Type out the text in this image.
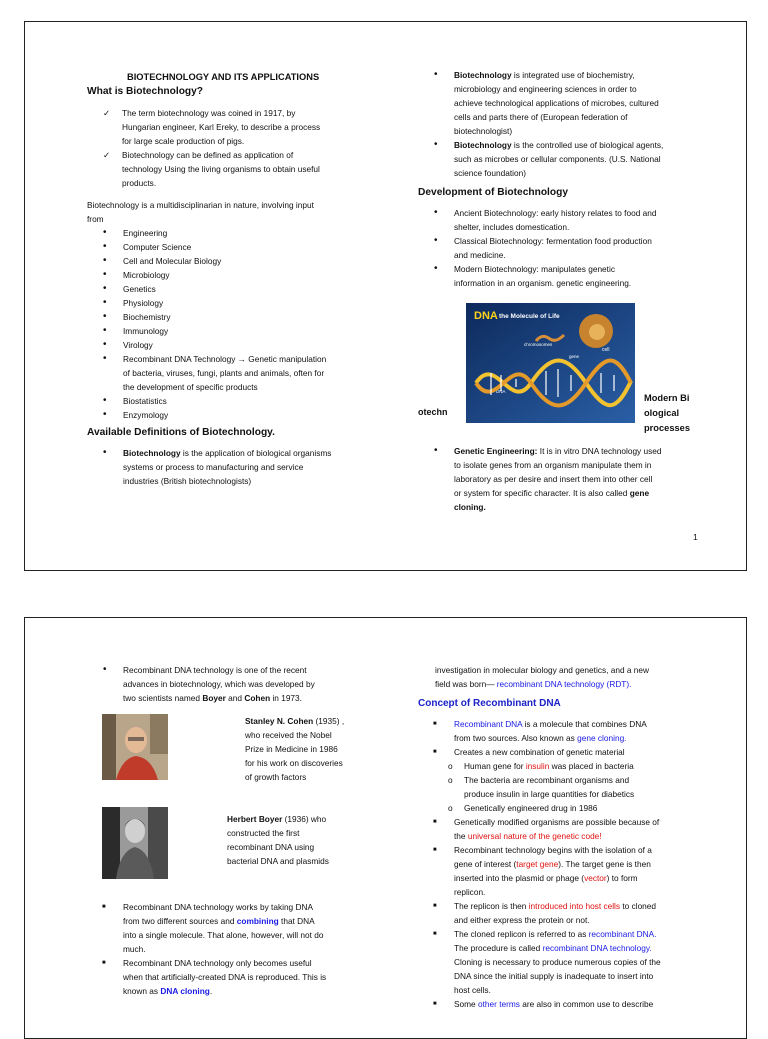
BIOTECHNOLOGY AND ITS APPLICATIONS
What is Biotechnology?
✓ The term biotechnology was coined in 1917, by
Hungarian engineer, Karl Ereky, to describe a process
for large scale production of pigs.
✓ Biotechnology can be defined as application of
technology Using the living organisms to obtain useful
products.

Biotechnology is a multidisciplinarian in nature, involving input
from

• Engineering
• Computer Science
• Cell and Molecular Biology
• Microbiology
• Genetics
• Physiology
• Biochemistry
• Immunology
• Virology
• Recombinant DNA Technology → Genetic manipulation
of bacteria, viruses, fungi, plants and animals, often for
the development of specific products
• Biostatistics
• Enzymology
Available Definitions of Biotechnology.
• Biotechnology is the application of biological organisms
systems or process to manufacturing and service
industries (British biotechnologists)
• Biotechnology is integrated use of biochemistry,
microbiology and engineering sciences in order to
achieve technological applications of microbes, cultured
cells and parts there of (European federation of
biotechnologist)
• Biotechnology is the controlled use of biological agents,
such as microbes or cellular components. (U.S. National
science foundation)
Development of Biotechnology
• Ancient Biotechnology: early history relates to food and
shelter, includes domestication.
• Classical Biotechnology: fermentation food production
and medicine.
• Modern Biotechnology: manipulates genetic
information in an organism. genetic engineering.
DNA the Molecule of Life
cell
chromosomes
gene
DNA
otechn
Modern Bi
ological
processes
• Genetic Engineering: It is in vitro DNA technology used
to isolate genes from an organism manipulate them in
laboratory as per desire and insert them into other cell
or system for specific character. It is also called gene
cloning.
1
• Recombinant DNA technology is one of the recent
advances in biotechnology, which was developed by
two scientists named Boyer and Cohen in 1973.
Stanley N. Cohen (1935) ,
who received the Nobel
Prize in Medicine in 1986
for his work on discoveries
of growth factors
Herbert Boyer (1936) who
constructed the first
recombinant DNA using
bacterial DNA and plasmids
■ Recombinant DNA technology works by taking DNA
from two different sources and combining that DNA
into a single molecule. That alone, however, will not do
much.
■ Recombinant DNA technology only becomes useful
when that artificially-created DNA is reproduced. This is
known as DNA cloning.

investigation in molecular biology and genetics, and a new
field was born— recombinant DNA technology (RDT).

Concept of Recombinant DNA
■ Recombinant DNA is a molecule that combines DNA
from two sources. Also known as gene cloning.
■ Creates a new combination of genetic material
o Human gene for insulin was placed in bacteria
o The bacteria are recombinant organisms and
produce insulin in large quantities for diabetics
o Genetically engineered drug in 1986
■ Genetically modified organisms are possible because of
the universal nature of the genetic code!
■ Recombinant technology begins with the isolation of a
gene of interest (target gene). The target gene is then
inserted into the plasmid or phage (vector) to form
replicon.
■ The replicon is then introduced into host cells to cloned
and either express the protein or not.
■ The cloned replicon is referred to as recombinant DNA.
The procedure is called recombinant DNA technology.
Cloning is necessary to produce numerous copies of the
DNA since the initial supply is inadequate to insert into
host cells.
■ Some other terms are also in common use to describe
